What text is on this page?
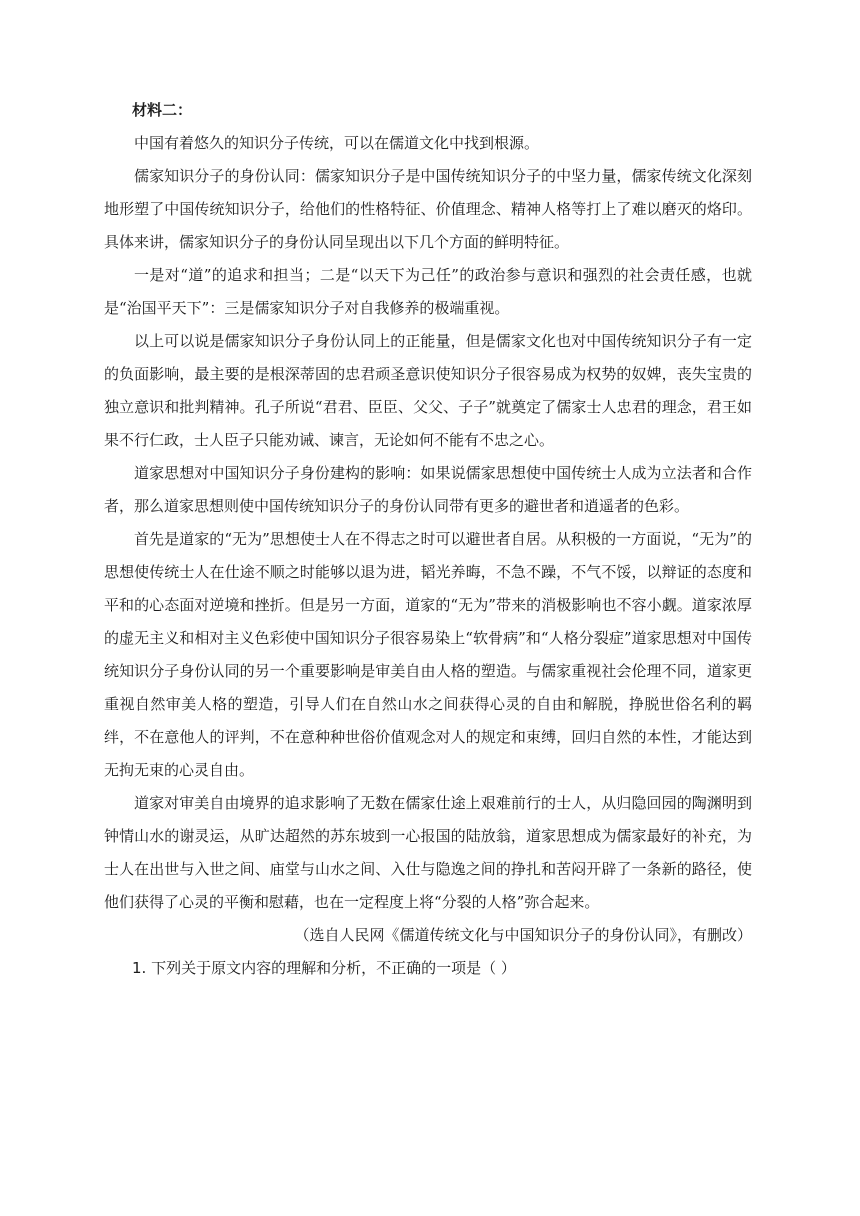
材料二：

中国有着悠久的知识分子传统，可以在儒道文化中找到根源。

儒家知识分子的身份认同：儒家知识分子是中国传统知识分子的中坚力量，儒家传统文化深刻地形塑了中国传统知识分子，给他们的性格特征、价值理念、精神人格等打上了难以磨灭的烙印。具体来讲，儒家知识分子的身份认同呈现出以下几个方面的鲜明特征。

一是对“道”的追求和担当；二是“以天下为己任”的政治参与意识和强烈的社会责任感，也就是“治国平天下”：三是儒家知识分子对自我修养的极端重视。

以上可以说是儒家知识分子身份认同上的正能量，但是儒家文化也对中国传统知识分子有一定的负面影响，最主要的是根深蒂固的忠君顽圣意识使知识分子很容易成为权势的奴婢，丧失宝贵的独立意识和批判精神。孔子所说“君君、臣臣、父父、子子”就奠定了儒家士人忠君的理念，君王如果不行仁政，士人臣子只能劝诫、谏言，无论如何不能有不忠之心。

道家思想对中国知识分子身份建构的影响：如果说儒家思想使中国传统士人成为立法者和合作者，那么道家思想则使中国传统知识分子的身份认同带有更多的避世者和逍遥者的色彩。

首先是道家的“无为”思想使士人在不得志之时可以避世者自居。从积极的一方面说，“无为”的思想使传统士人在仕途不顺之时能够以退为进，韬光养晦，不急不躁，不气不馁，以辩证的态度和平和的心态面对逆境和挫折。但是另一方面，道家的“无为”带来的消极影响也不容小觑。道家浓厚的虚无主义和相对主义色彩使中国知识分子很容易染上“软骨病”和“人格分裂症”道家思想对中国传统知识分子身份认同的另一个重要影响是审美自由人格的塑造。与儒家重视社会伦理不同，道家更重视自然审美人格的塑造，引导人们在自然山水之间获得心灵的自由和解脱，挣脱世俗名利的羁绊，不在意他人的评判，不在意种种世俗价值观念对人的规定和束缚，回归自然的本性，才能达到无拘无束的心灵自由。

道家对审美自由境界的追求影响了无数在儒家仕途上艰难前行的士人，从归隐回园的陶渊明到钟情山水的谢灵运，从旷达超然的苏东坡到一心报国的陆放翁，道家思想成为儒家最好的补充，为士人在出世与入世之间、庙堂与山水之间、入仕与隐逸之间的挣扎和苦闷开辟了一条新的路径，使他们获得了心灵的平衡和慰藉，也在一定程度上将“分裂的人格”弥合起来。

（选自人民网《儒道传统文化与中国知识分子的身份认同》，有删改）

1. 下列关于原文内容的理解和分析，不正确的一项是（ ）
